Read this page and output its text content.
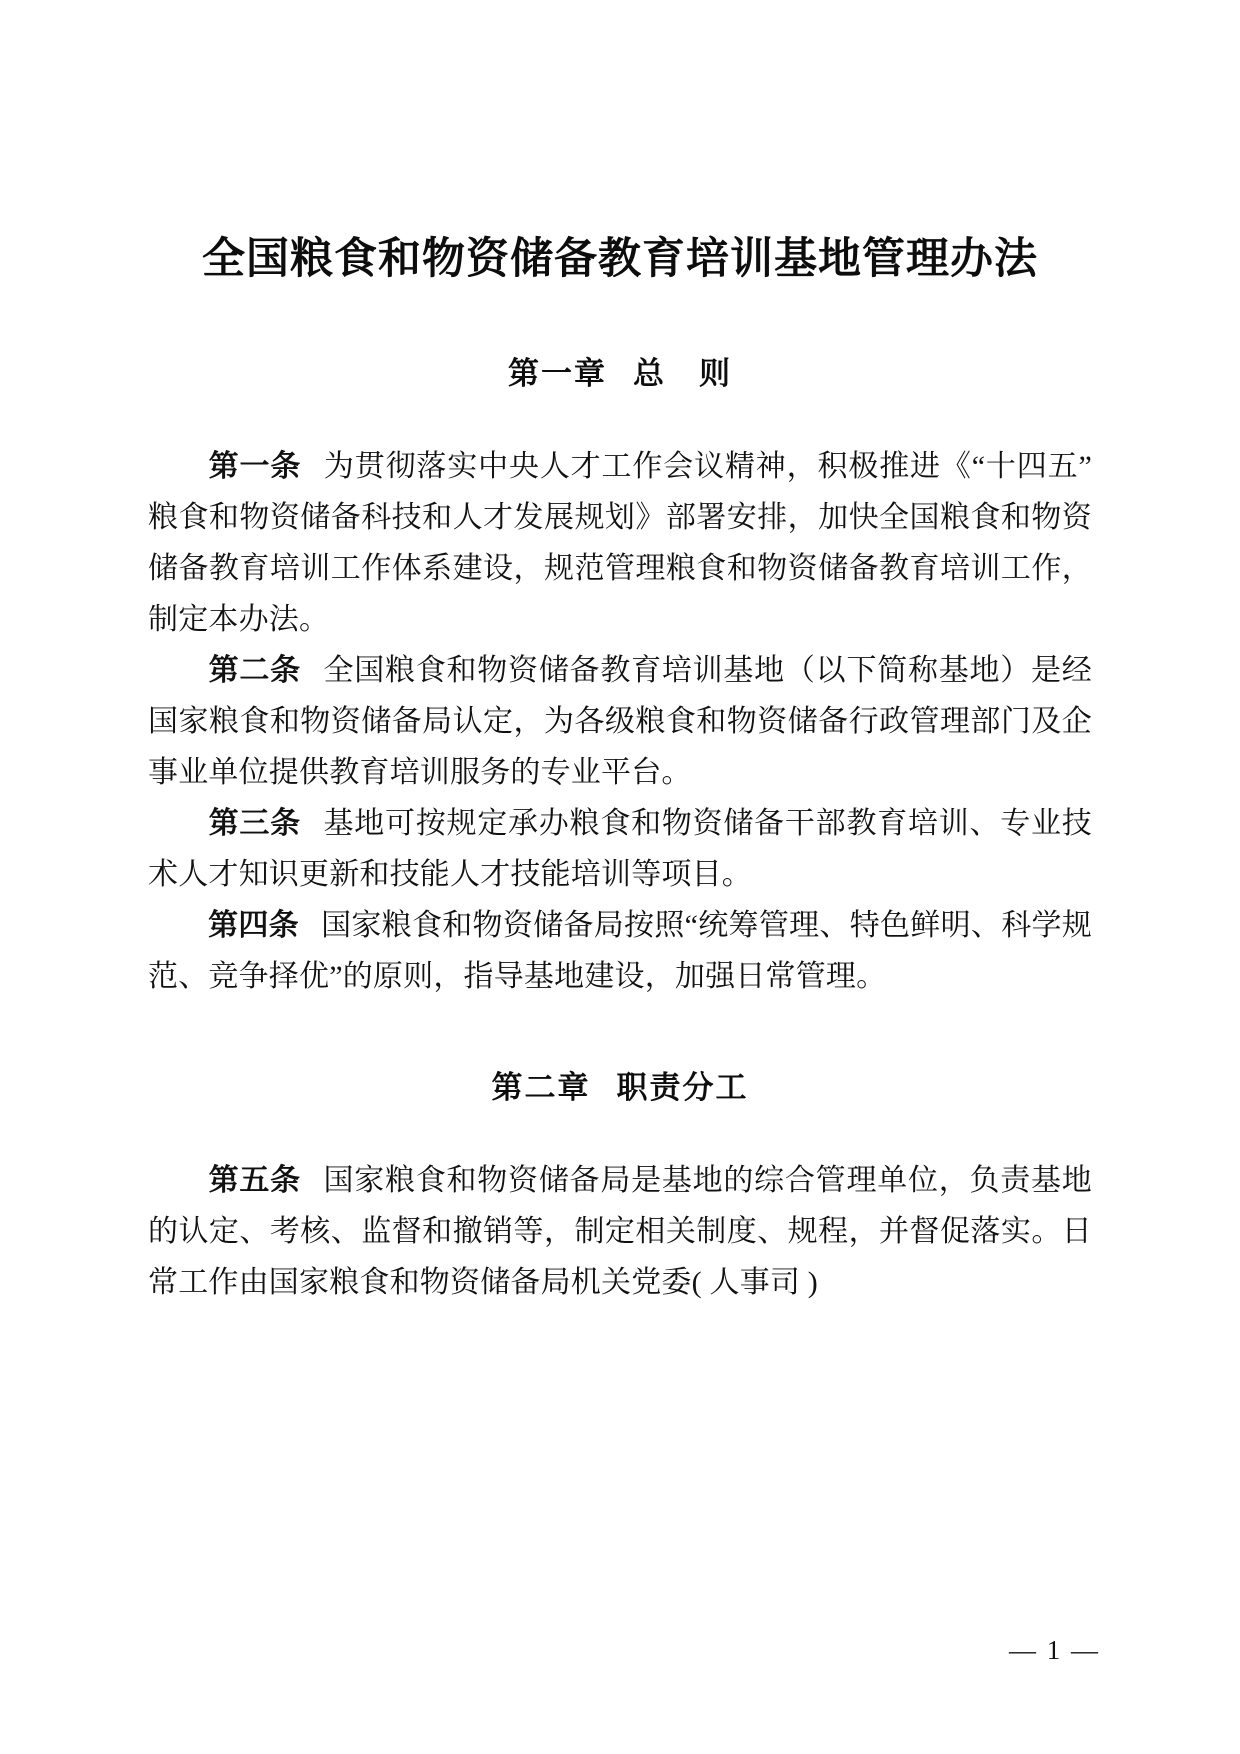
全国粮食和物资储备教育培训基地管理办法
第一章 总　则

第一条 为贯彻落实中央人才工作会议精神，积极推进《“十四五”粮食和物资储备科技和人才发展规划》部署安排，加快全国粮食和物资储备教育培训工作体系建设，规范管理粮食和物资储备教育培训工作，制定本办法。

第二条 全国粮食和物资储备教育培训基地（以下简称基地）是经国家粮食和物资储备局认定，为各级粮食和物资储备行政管理部门及企事业单位提供教育培训服务的专业平台。

第三条 基地可按规定承办粮食和物资储备干部教育培训、专业技术人才知识更新和技能人才技能培训等项目。

第四条 国家粮食和物资储备局按照“统筹管理、特色鲜明、科学规范、竞争择优”的原则，指导基地建设，加强日常管理。

第二章 职责分工

第五条 国家粮食和物资储备局是基地的综合管理单位，负责基地的认定、考核、监督和撤销等，制定相关制度、规程，并督促落实。日常工作由国家粮食和物资储备局机关党委( 人事司 )

— 1 —
